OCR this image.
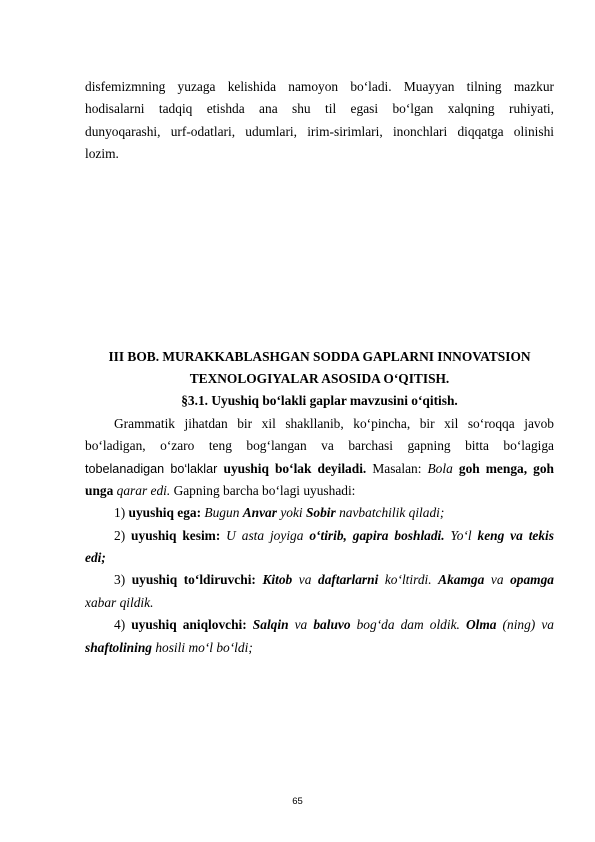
disfemizmning yuzaga kelishida namoyon bo‘ladi. Muayyan tilning mazkur
hodisalarni tadqiq etishda ana shu til egasi bo‘lgan xalqning ruhiyati,
dunyoqarashi, urf-odatlari, udumlari, irim-sirimlari, inonchlari diqqatga olinishi
lozim.
III BOB. MURAKKABLASHGAN SODDA GAPLARNI INNOVATSION
TEXNOLOGIYALAR ASOSIDA O‘QITISH.
§3.1. Uyushiq bo‘lakli gaplar mavzusini o‘qitish.
Grammatik jihatdan bir xil shakllanib, ko‘pincha, bir xil so‘roqqa javob
bo‘ladigan, o‘zaro teng bog‘langan va barchasi gapning bitta bo‘lagiga
tobelanadigan bo‘laklar uyushiq bo‘lak deyiladi. Masalan: Bola goh menga, goh
unga qarar edi. Gapning barcha bo‘lagi uyushadi:
1) uyushiq ega: Bugun Anvar yoki Sobir navbatchilik qiladi;
2) uyushiq kesim: U asta joyiga o‘tirib, gapira boshladi. Yo‘l keng va tekis
edi;
3) uyushiq to‘ldiruvchi: Kitob va daftarlarni ko‘ltirdi. Akamga va opamga
xabar qildik.
4) uyushiq aniqlovchi: Salqin va baluvo bog‘da dam oldik. Olma (ning) va
shaftolining hosili mo‘l bo‘ldi;
65
